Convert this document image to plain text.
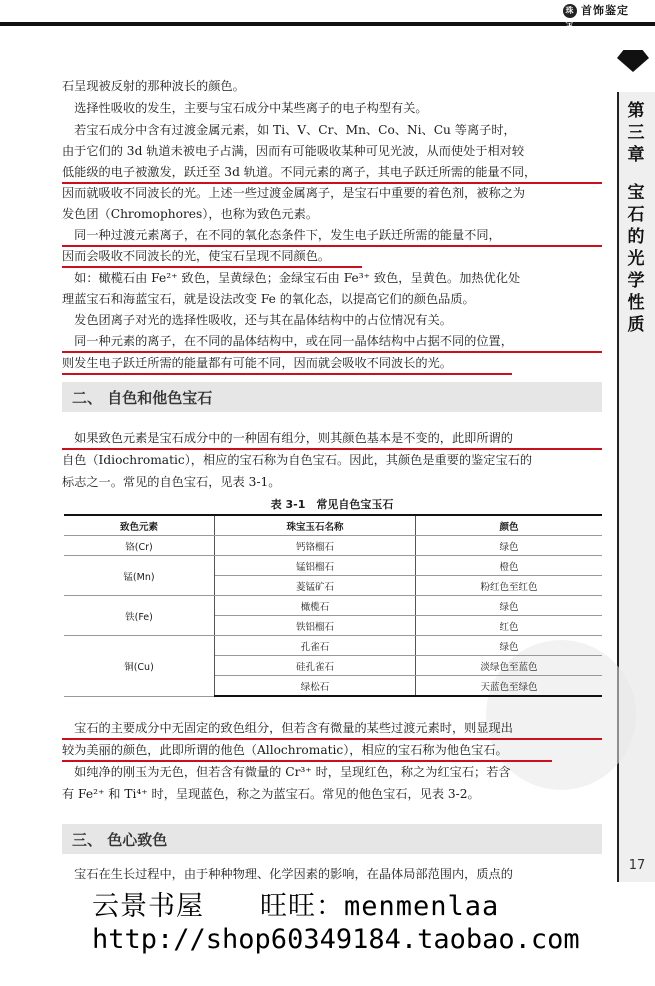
珠宝首饰鉴定
第
三
章
宝
石
的
光
学
性
质
17
石呈现被反射的那种波长的颜色。
　选择性吸收的发生，主要与宝石成分中某些离子的电子构型有关。
　若宝石成分中含有过渡金属元素，如 Ti、V、Cr、Mn、Co、Ni、Cu 等离子时，
由于它们的 3d 轨道未被电子占满，因而有可能吸收某种可见光波，从而使处于相对较
低能级的电子被激发，跃迁至 3d 轨道。不同元素的离子，其电子跃迁所需的能量不同，
因而就吸收不同波长的光。上述一些过渡金属离子，是宝石中重要的着色剂，被称之为
发色团（Chromophores），也称为致色元素。
　同一种过渡元素离子，在不同的氧化态条件下，发生电子跃迁所需的能量不同，
因而会吸收不同波长的光，使宝石呈现不同颜色。
　如：橄榄石由 Fe²⁺ 致色，呈黄绿色；金绿宝石由 Fe³⁺ 致色，呈黄色。加热优化处
理蓝宝石和海蓝宝石，就是设法改变 Fe 的氧化态，以提高它们的颜色品质。
　发色团离子对光的选择性吸收，还与其在晶体结构中的占位情况有关。
　同一种元素的离子，在不同的晶体结构中，或在同一晶体结构中占据不同的位置，
则发生电子跃迁所需的能量都有可能不同，因而就会吸收不同波长的光。
二、 自色和他色宝石
　如果致色元素是宝石成分中的一种固有组分，则其颜色基本是不变的，此即所谓的
自色（Idiochromatic），相应的宝石称为自色宝石。因此，其颜色是重要的鉴定宝石的
标志之一。常见的自色宝石，见表 3-1。
表 3-1　常见自色宝玉石
致色元素	珠宝玉石名称	颜色
铬(Cr)	钙铬榴石	绿色
锰(Mn)	锰铝榴石	橙色
	菱锰矿石	粉红色至红色
铁(Fe)	橄榄石	绿色
	铁铝榴石	红色
铜(Cu)	孔雀石	绿色
	硅孔雀石	淡绿色至蓝色
	绿松石	天蓝色至绿色
　宝石的主要成分中无固定的致色组分，但若含有微量的某些过渡元素时，则显现出
较为美丽的颜色，此即所谓的他色（Allochromatic），相应的宝石称为他色宝石。
　如纯净的刚玉为无色，但若含有微量的 Cr³⁺ 时，呈现红色，称之为红宝石；若含
有 Fe²⁺ 和 Ti⁴⁺ 时，呈现蓝色，称之为蓝宝石。常见的他色宝石，见表 3-2。
三、 色心致色
　宝石在生长过程中，由于种种物理、化学因素的影响，在晶体局部范围内，质点的
云景书屋　　旺旺：menmenlaa
http://shop60349184.taobao.com
